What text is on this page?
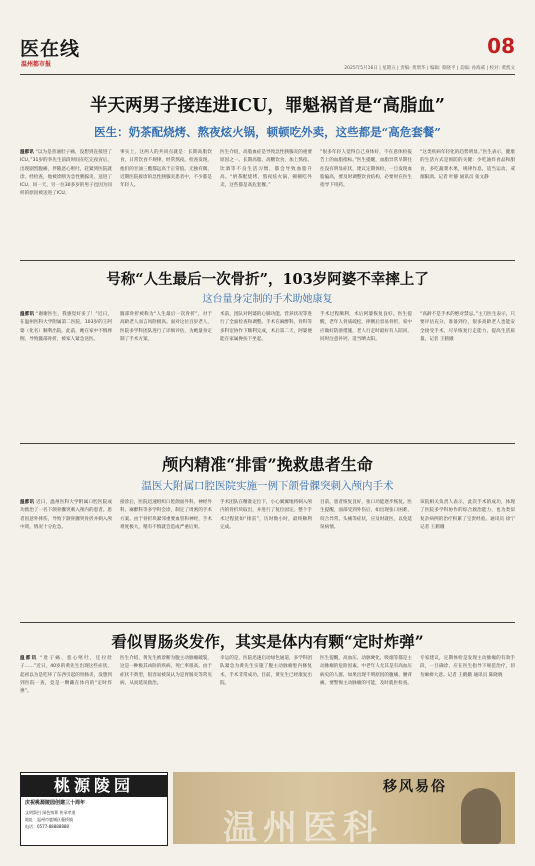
医在线
温州都市报
08
2025年5月16日 | 星期五 | 责编: 黄增华 | 编辑: 蔡晓平 | 美编: 孙海威 | 校对: 黄凯文
半天两男子接连进ICU，罪魁祸首是“高脂血”
医生：奶茶配烧烤、熬夜炫火锅，顿顿吃外卖，这些都是“高危套餐”
温都讯 “以为是普通肚子痛，没想到直接进了ICU。”31岁的李先生前段时间在吃完夜宵后，出现剧烈腹痛，伴随恶心呕吐，赶紧到医院就诊。经检查，他被诊断为急性胰腺炎，送进了ICU。同一天，另一位30多岁的男子也因为同样的原因被送进了ICU。
事实上，这两人的共同点就是：长期高脂饮食，日常饮食不规律，经常熬夜。检查发现，他们的甘油三酯都远高于正常值。无独有偶，近期医院接诊的急性胰腺炎患者中，不少都是年轻人。
医生介绍，高脂血症是导致急性胰腺炎的重要原因之一。长期高脂、高糖饮食，加上熬夜、饮酒等不良生活习惯，都会导致血脂升高。“奶茶配烧烤、熬夜炫火锅，顿顿吃外卖，这些都是高危套餐。”
“很多年轻人觉得自己身体好，不在意体检报告上的血脂指标。”医生提醒，血脂异常早期往往没有明显症状，建议定期体检，一旦发现血脂偏高，要及时调整饮食结构，必要时在医生指导下用药。
“这类疾病年轻化的趋势明显。”医生表示，健康的生活方式是预防的关键：少吃油炸食品和甜食，多吃蔬菜水果，规律作息，适当运动，戒烟限酒。记者 叶静 通讯员 张文静
号称“人生最后一次骨折”，103岁阿婆不幸摔上了
这台量身定制的手术助她康复
温都讯 “谢谢医生，我感觉好多了！”近日，在温州医科大学附属第二医院，103岁的王阿婆（化名）顺利出院。此前，她在家中不慎摔倒，导致髋部骨折，被家人紧急送医。
髋部骨折被称为“人生最后一次骨折”，对于高龄老人而言风险极高。面对这位百岁老人，医院多学科团队进行了详细评估，为她量身定制了手术方案。
术前，团队对阿婆的心肺功能、营养状况等进行了全面检查和调整。手术在麻醉科、骨科等多科室协作下顺利完成，术后第二天，阿婆便能在家属搀扶下坐起。
手术过程顺利，术后阿婆恢复良好。医生提醒，老年人骨质疏松，摔倒后容易骨折，家中应做好防滑措施，老人行走时最好有人陪同，同时注意补钙，适当晒太阳。
“高龄不是手术的绝对禁忌。”主刀医生表示，只要评估充分、准备到位，很多高龄老人也能安全接受手术，尽早恢复行走能力，提高生活质量。记者 王鹤娥
颅内精准“排雷”挽救患者生命
温医大附属口腔医院实施一例下颌骨髁突刺入颅内手术
温都讯 近日，温州医科大学附属口腔医院成功救治了一名下颌骨髁突刺入颅内的患者。患者因意外摔伤，导致下颌骨髁突骨折并刺入颅中窝，情况十分危急。
接诊后，医院迅速组织口腔颌面外科、神经外科、麻醉科等多学科会诊，制定了周密的手术方案。由于骨折块紧邻重要血管和神经，手术难度极大，稍有不慎就会造成严重后果。
手术团队在精准定位下，小心翼翼地将刺入颅内的骨折块取出，并进行了复位固定。整个手术过程犹如“排雷”，历时数小时，最终顺利完成。
目前，患者恢复良好，张口功能逐步恢复。医生提醒，面部受到外伤后，如出现张口困难、咬合异常、头痛等症状，应及时就医，以免延误病情。
该院相关负责人表示，此次手术的成功，体现了医院多学科协作的综合救治能力，也为类似复杂病例的治疗积累了宝贵经验。通讯员 徐宁 记者 王鹤娥
看似胃肠炎发作，其实是体内有颗“定时炸弹”
温都讯 “肚子痛、恶心呕吐，还拉肚子……”近日，40岁的黄先生出现这些症状，起初以为是吃坏了东西引起的胃肠炎，没想到到医院一查，竟是一颗藏在体内的“定时炸弹”。
医生介绍，黄先生被诊断为腹主动脉瘤破裂，这是一种极其凶险的疾病，死亡率很高。由于症状不典型，很容易被误认为是胃肠炎等常见病，从而延误救治。
幸运的是，医院迅速启动绿色通道，多学科团队紧急为黄先生实施了腹主动脉瘤腔内修复术，手术非常成功。目前，黄先生已经康复出院。
医生提醒，高血压、动脉硬化、吸烟等都是主动脉瘤的危险因素。中老年人尤其是有高血压病史的人群，如果出现不明原因的腹痛、腰背痛，要警惕主动脉瘤的可能，及时就医检查。
专家建议，定期体检是发现主动脉瘤的有效手段，一旦确诊，应在医生指导下规范治疗，切勿麻痹大意。记者 王鹤娥 通讯员 陈晓晓
桃源陵园
庆祝桃源陵园创建三十周年
文明祭扫 绿色殡葬 传承孝道
地址：温州市鹿城区藤桥镇
电话：0577-88888888	温州医科
移风易俗
